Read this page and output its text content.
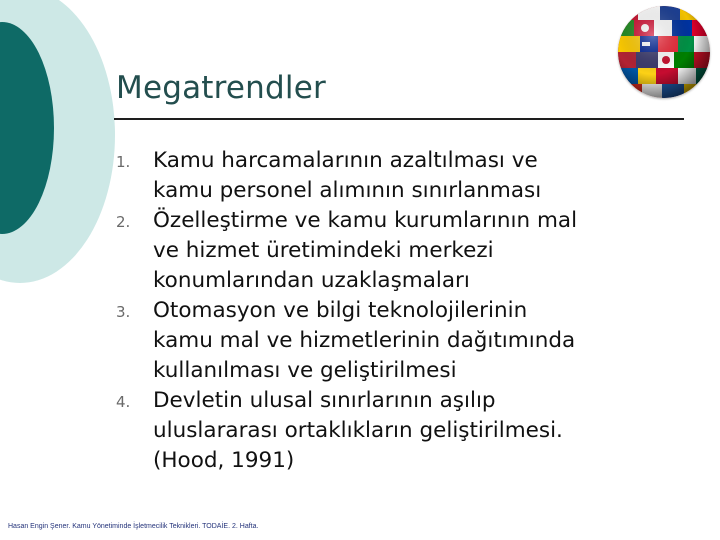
Megatrendler
1. Kamu harcamalarının azaltılması ve
kamu personel alımının sınırlanması
2. Özelleştirme ve kamu kurumlarının mal
ve hizmet üretimindeki merkezi
konumlarından uzaklaşmaları
3. Otomasyon ve bilgi teknolojilerinin
kamu mal ve hizmetlerinin dağıtımında
kullanılması ve geliştirilmesi
4. Devletin ulusal sınırlarının aşılıp
uluslararası ortaklıkların geliştirilmesi.
(Hood, 1991)
Hasan Engin Şener. Kamu Yönetiminde İşletmecilik Teknikleri. TODAİE. 2. Hafta.
